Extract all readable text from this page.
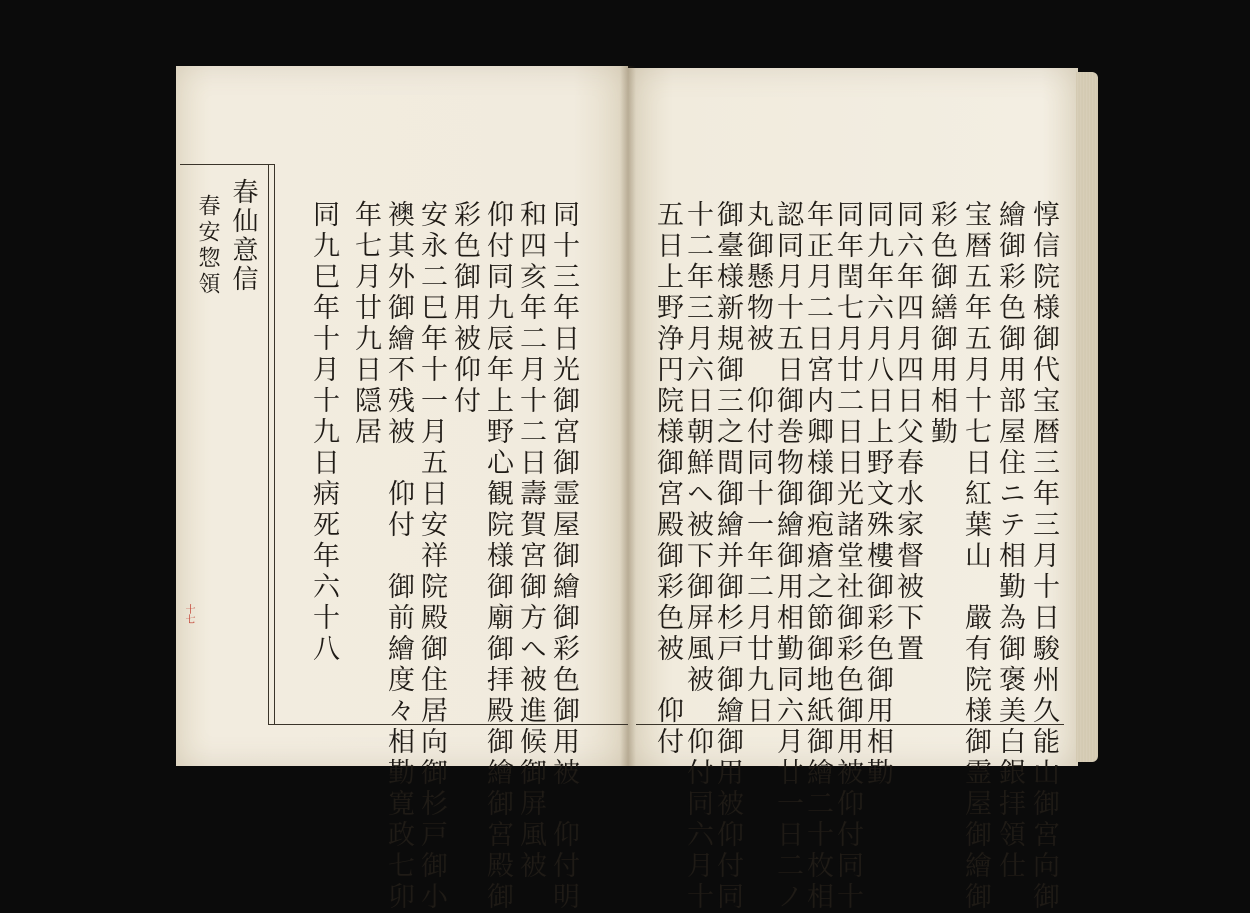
春仙意信
春安惣領
十七	同十三年日光御宮御霊屋御繪御彩色御用被　仰付明
和四亥年二月十二日壽賀宮御方へ被進候御屏風被
仰付同九辰年上野心観院様御廟御拝殿御繪御宮殿御
彩色御用被仰付
安永二巳年十一月五日安祥院殿御住居向御杉戸御小
襖其外御繪不残被　仰付　御前繪度々相勤寛政七卯
年七月廿九日隠居
同九巳年十月十九日病死年六十八	惇信院様御代宝暦三年三月十日駿州久能山御宮向御
繪御彩色御用部屋住ニテ相勤為御褒美白銀拝領仕
宝暦五年五月十七日紅葉山　嚴有院様御霊屋御繪御
彩色御繕御用相勤
同六年四月四日父春水家督被下置
同九年六月八日上野文殊樓御彩色御用相勤
同年閏七月廿二日日光諸堂社御彩色御用被仰付同十
年正月二日宮内卿様御疱瘡之節御地紙御繪二十枚相
認同月十五日御巻物御繪御用相勤同六月廿一日二ノ
丸御懸物被　仰付同十一年二月廿九日
御臺様新規御三之間御繪并御杉戸御繪御用被仰付同
十二年三月六日朝鮮へ被下御屏風被　仰付同六月十
五日上野浄円院様御宮殿御彩色被　仰付
